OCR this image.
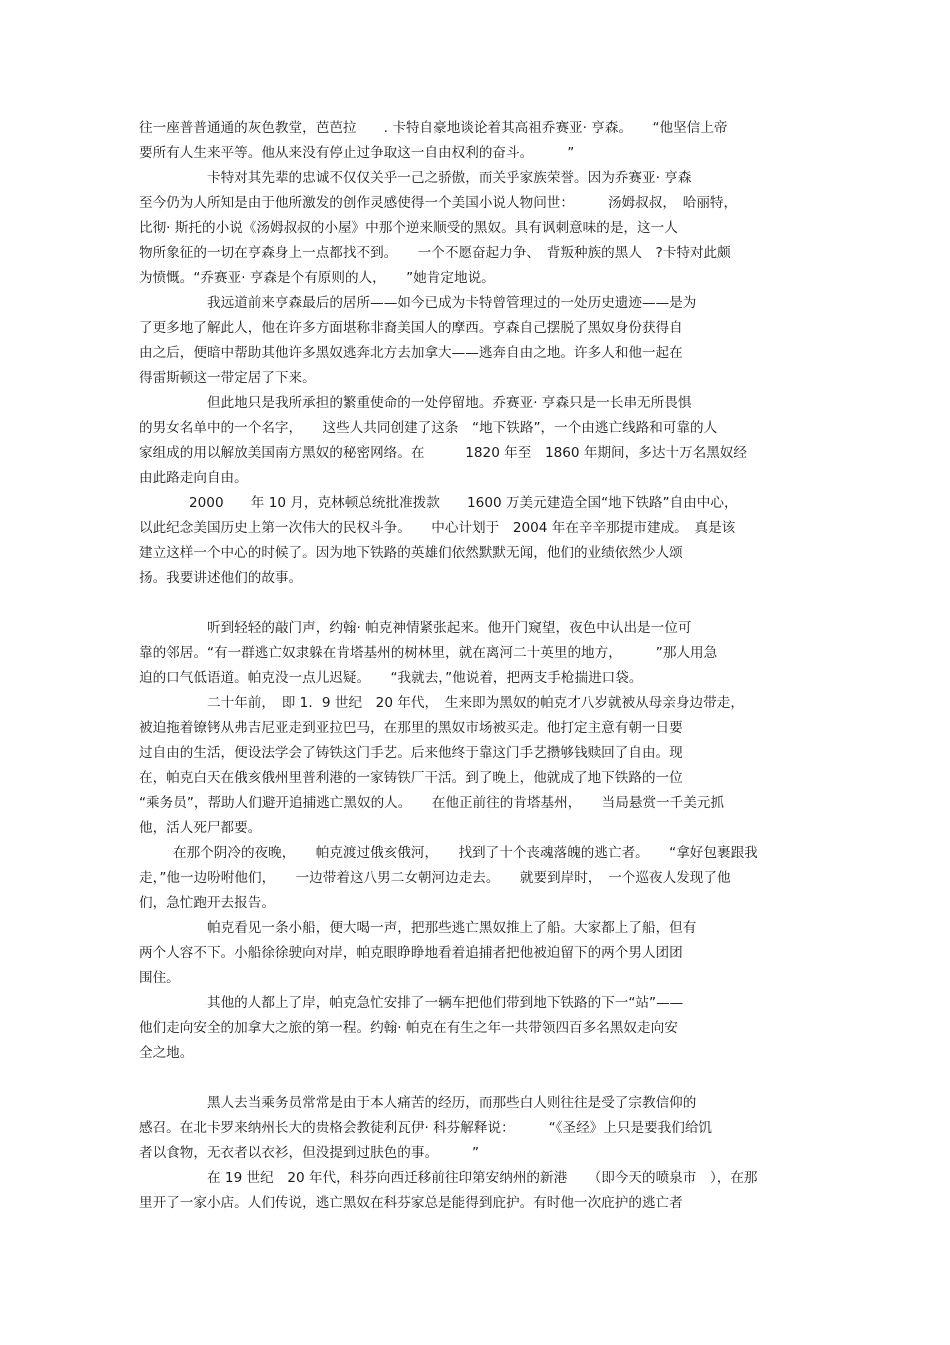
往一座普普通通的灰色教堂，芭芭拉　　. 卡特自豪地谈论着其高祖乔赛亚· 亨森。　　“他坚信上帝

要所有人生来平等。他从来没有停止过争取这一自由权利的奋斗。　　　”

卡特对其先辈的忠诚不仅仅关乎一己之骄傲，而关乎家族荣誉。因为乔赛亚· 亨森

至今仍为人所知是由于他所激发的创作灵感使得一个美国小说人物问世：　　　汤姆叔叔，　哈丽特，

比彻· 斯托的小说《汤姆叔叔的小屋》中那个逆来顺受的黑奴。具有讽刺意味的是，这一人

物所象征的一切在亨森身上一点都找不到。　　一个不愿奋起力争、　背叛种族的黑人　?卡特对此颇

为愤慨。“乔赛亚· 亨森是个有原则的人，　　”她肯定地说。

我远道前来亨森最后的居所——如今已成为卡特曾管理过的一处历史遗迹——是为

了更多地了解此人，他在许多方面堪称非裔美国人的摩西。亨森自己摆脱了黑奴身份获得自

由之后，便暗中帮助其他许多黑奴逃奔北方去加拿大——逃奔自由之地。许多人和他一起在

得雷斯顿这一带定居了下来。

但此地只是我所承担的繁重使命的一处停留地。乔赛亚· 亨森只是一长串无所畏惧

的男女名单中的一个名字，　　这些人共同创建了这条　“地下铁路”，一个由逃亡线路和可靠的人

家组成的用以解放美国南方黑奴的秘密网络。在　　　1820 年至　1860 年期间，多达十万名黑奴经

由此路走向自由。

2000　　年 10 月，克林顿总统批准拨款　　1600 万美元建造全国“地下铁路”自由中心，

以此纪念美国历史上第一次伟大的民权斗争。　　中心计划于　2004 年在辛辛那提市建成。　真是该

建立这样一个中心的时候了。因为地下铁路的英雄们依然默默无闻，他们的业绩依然少人颂

扬。我要讲述他们的故事。

听到轻轻的敲门声，约翰· 帕克神情紧张起来。他开门窥望，夜色中认出是一位可

靠的邻居。“有一群逃亡奴隶躲在肯塔基州的树林里，就在离河二十英里的地方，　　　”那人用急

迫的口气低语道。帕克没一点儿迟疑。　　“我就去，”他说着，把两支手枪揣进口袋。

二十年前，　即 1．9 世纪　20 年代，　生来即为黑奴的帕克才八岁就被从母亲身边带走，

被迫拖着镣铐从弗吉尼亚走到亚拉巴马，在那里的黑奴市场被买走。他打定主意有朝一日要

过自由的生活，便设法学会了铸铁这门手艺。后来他终于靠这门手艺攒够钱赎回了自由。现

在，帕克白天在俄亥俄州里普利港的一家铸铁厂干活。到了晚上，他就成了地下铁路的一位

“乘务员”，帮助人们避开追捕逃亡黑奴的人。　　在他正前往的肯塔基州，　　当局悬赏一千美元抓

他，活人死尸都要。

在那个阴冷的夜晚，　　帕克渡过俄亥俄河，　　找到了十个丧魂落魄的逃亡者。　　“拿好包裹跟我

走，”他一边吩咐他们，　　一边带着这八男二女朝河边走去。　　就要到岸时，　一个巡夜人发现了他

们，急忙跑开去报告。

帕克看见一条小船，便大喝一声，把那些逃亡黑奴推上了船。大家都上了船，但有

两个人容不下。小船徐徐驶向对岸，帕克眼睁睁地看着追捕者把他被迫留下的两个男人团团

围住。

其他的人都上了岸，帕克急忙安排了一辆车把他们带到地下铁路的下一“站”——

他们走向安全的加拿大之旅的第一程。约翰· 帕克在有生之年一共带领四百多名黑奴走向安

全之地。

黑人去当乘务员常常是由于本人痛苦的经历，而那些白人则往往是受了宗教信仰的

感召。在北卡罗来纳州长大的贵格会教徒利瓦伊· 科芬解释说：　　　“《圣经》上只是要我们给饥

者以食物，无衣者以衣衫，但没提到过肤色的事。　　　”

在 19 世纪　20 年代，科芬向西迁移前往印第安纳州的新港　　（即今天的喷泉市　），在那

里开了一家小店。人们传说，逃亡黑奴在科芬家总是能得到庇护。有时他一次庇护的逃亡者
